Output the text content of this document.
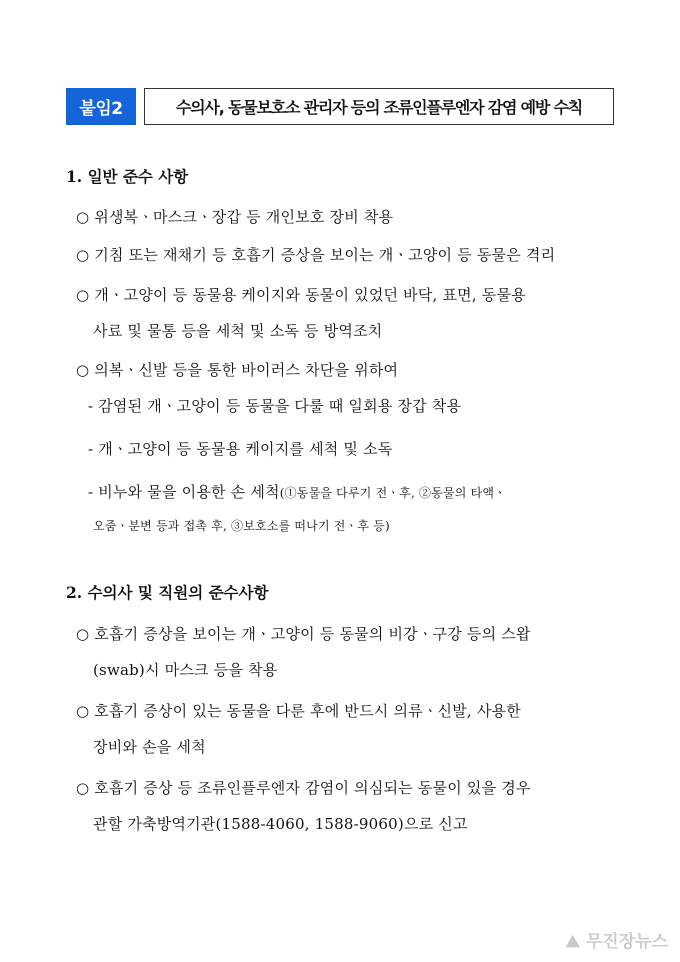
붙임2	수의사, 동물보호소 관리자 등의 조류인플루엔자 감염 예방 수칙
1. 일반 준수 사항
○ 위생복ㆍ마스크ㆍ장갑 등 개인보호 장비 착용
○ 기침 또는 재채기 등 호흡기 증상을 보이는 개ㆍ고양이 등 동물은 격리
○ 개ㆍ고양이 등 동물용 케이지와 동물이 있었던 바닥, 표면, 동물용
사료 및 물통 등을 세척 및 소독 등 방역조치
○ 의복ㆍ신발 등을 통한 바이러스 차단을 위하여
- 감염된 개ㆍ고양이 등 동물을 다룰 때 일회용 장갑 착용
- 개ㆍ고양이 등 동물용 케이지를 세척 및 소독
- 비누와 물을 이용한 손 세척(①동물을 다루기 전ㆍ후, ②동물의 타액ㆍ
오줌ㆍ분변 등과 접촉 후, ③보호소를 떠나기 전ㆍ후 등)
2. 수의사 및 직원의 준수사항
○ 호흡기 증상을 보이는 개ㆍ고양이 등 동물의 비강ㆍ구강 등의 스왑
(swab)시 마스크 등을 착용
○ 호흡기 증상이 있는 동물을 다룬 후에 반드시 의류ㆍ신발, 사용한
장비와 손을 세척
○ 호흡기 증상 등 조류인플루엔자 감염이 의심되는 동물이 있을 경우
관할 가축방역기관(1588-4060, 1588-9060)으로 신고
⛰ 무진장뉴스
